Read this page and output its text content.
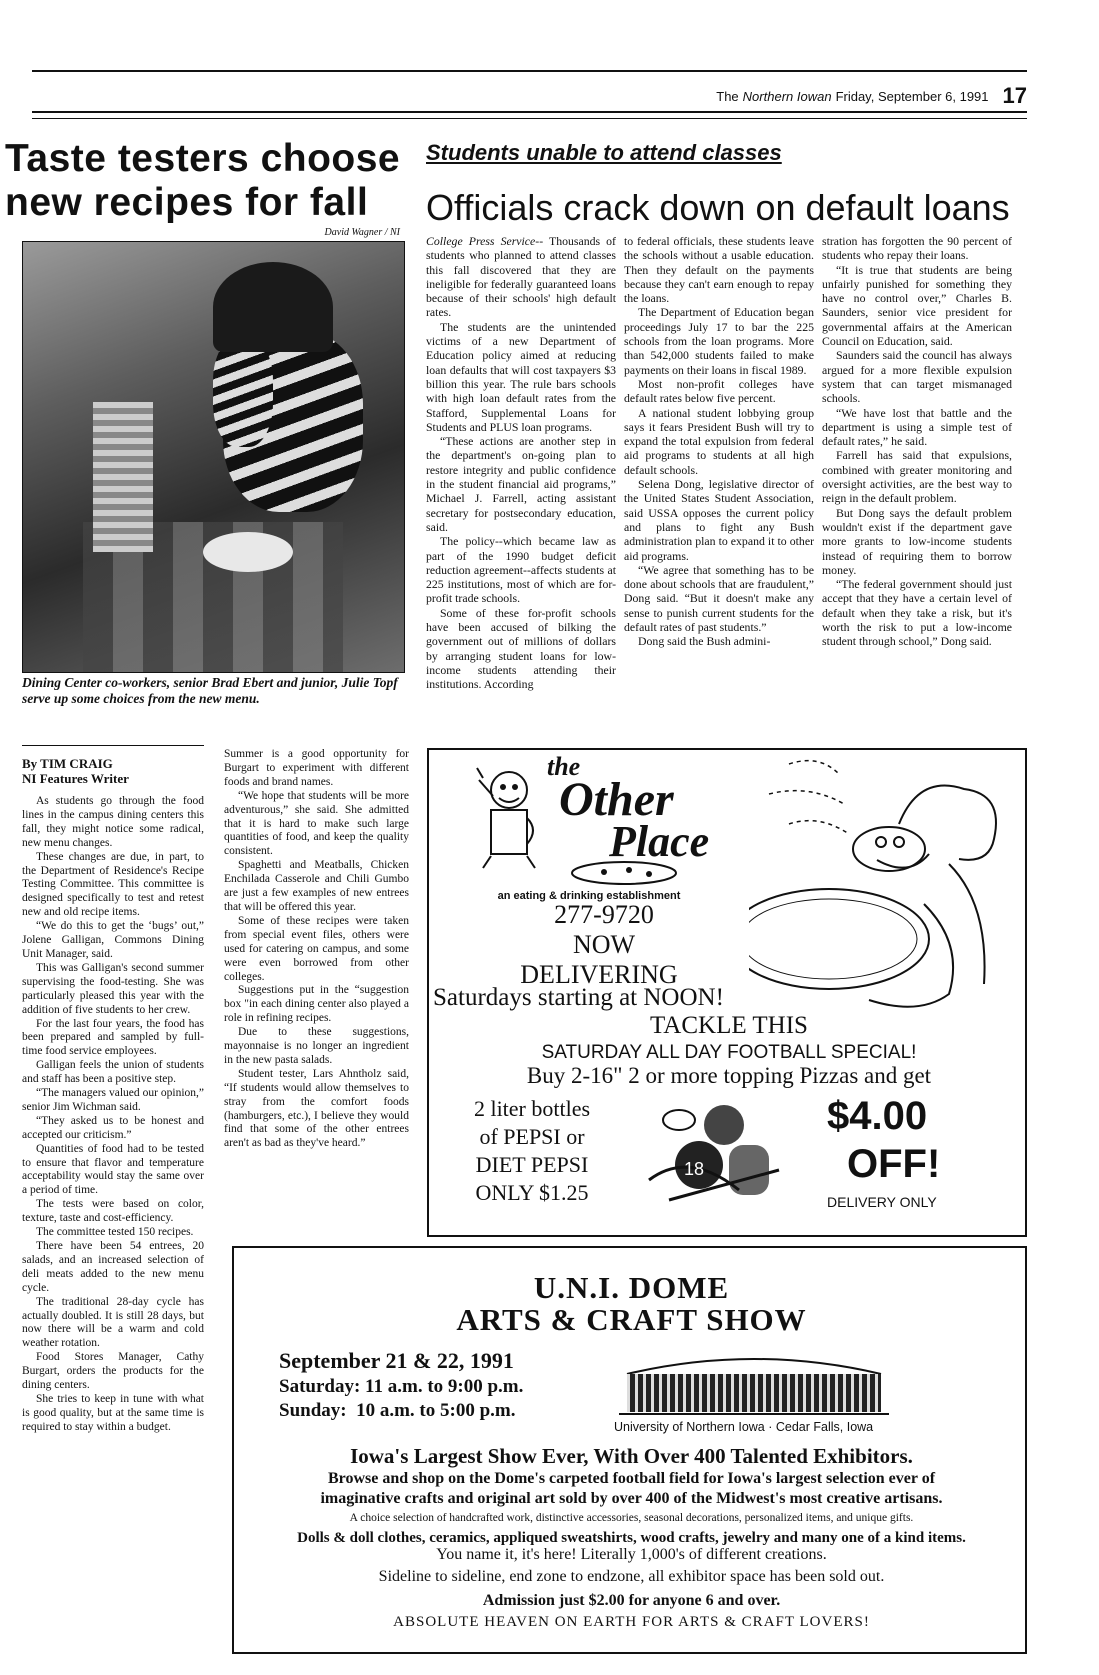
The Northern Iowan Friday, September 6, 1991 17
Taste testers choose new recipes for fall
David Wagner / NI
Dining Center co-workers, senior Brad Ebert and junior, Julie Topf serve up some choices from the new menu.
By TIM CRAIG
NI Features Writer

As students go through the food lines in the campus dining centers this fall, they might notice some radical, new menu changes.

These changes are due, in part, to the Department of Residence's Recipe Testing Committee. This committee is designed specifically to test and retest new and old recipe items.

“We do this to get the ‘bugs’ out,” Jolene Galligan, Commons Dining Unit Manager, said.

This was Galligan's second summer supervising the food-testing. She was particularly pleased this year with the addition of five students to her crew.

For the last four years, the food has been prepared and sampled by full-time food service employees.

Galligan feels the union of students and staff has been a positive step.

“The managers valued our opinion,” senior Jim Wichman said.

“They asked us to be honest and accepted our criticism.”

Quantities of food had to be tested to ensure that flavor and temperature acceptability would stay the same over a period of time.

The tests were based on color, texture, taste and cost-efficiency.

The committee tested 150 recipes.

There have been 54 entrees, 20 salads, and an increased selection of deli meats added to the new menu cycle.

The traditional 28-day cycle has actually doubled. It is still 28 days, but now there will be a warm and cold weather rotation.

Food Stores Manager, Cathy Burgart, orders the products for the dining centers.

She tries to keep in tune with what is good quality, but at the same time is required to stay within a budget.

Summer is a good opportunity for Burgart to experiment with different foods and brand names.

“We hope that students will be more adventurous,” she said. She admitted that it is hard to make such large quantities of food, and keep the quality consistent.

Spaghetti and Meatballs, Chicken Enchilada Casserole and Chili Gumbo are just a few examples of new entrees that will be offered this year.

Some of these recipes were taken from special event files, others were used for catering on campus, and some were even borrowed from other colleges.

Suggestions put in the “suggestion box "in each dining center also played a role in refining recipes.

Due to these suggestions, mayonnaise is no longer an ingredient in the new pasta salads.

Student tester, Lars Ahntholz said, “If students would allow themselves to stray from the comfort foods (hamburgers, etc.), I believe they would find that some of the other entrees aren't as bad as they've heard.”

Students unable to attend classes
Officials crack down on default loans

College Press Service-- Thousands of students who planned to attend classes this fall discovered that they are ineligible for federally guaranteed loans because of their schools' high default rates.

The students are the unintended victims of a new Department of Education policy aimed at reducing loan defaults that will cost taxpayers $3 billion this year. The rule bars schools with high loan default rates from the Stafford, Supplemental Loans for Students and PLUS loan programs.

“These actions are another step in the department's on-going plan to restore integrity and public confidence in the student financial aid programs,” Michael J. Farrell, acting assistant secretary for postsecondary education, said.

The policy--which became law as part of the 1990 budget deficit reduction agreement--affects students at 225 institutions, most of which are for-profit trade schools.

Some of these for-profit schools have been accused of bilking the government out of millions of dollars by arranging student loans for low-income students attending their institutions. According

to federal officials, these students leave the schools without a usable education. Then they default on the payments because they can't earn enough to repay the loans.

The Department of Education began proceedings July 17 to bar the 225 schools from the loan programs. More than 542,000 students failed to make payments on their loans in fiscal 1989.

Most non-profit colleges have default rates below five percent.

A national student lobbying group says it fears President Bush will try to expand the total expulsion from federal aid programs to students at all high default schools.

Selena Dong, legislative director of the United States Student Association, said USSA opposes the current policy and plans to fight any Bush administration plan to expand it to other aid programs.

“We agree that something has to be done about schools that are fraudulent,” Dong said. “But it doesn't make any sense to punish current students for the default rates of past students.”

Dong said the Bush admini-

stration has forgotten the 90 percent of students who repay their loans.

“It is true that students are being unfairly punished for something they have no control over,” Charles B. Saunders, senior vice president for governmental affairs at the American Council on Education, said.

Saunders said the council has always argued for a more flexible expulsion system that can target mismanaged schools.

“We have lost that battle and the department is using a simple test of default rates,” he said.

Farrell has said that expulsions, combined with greater monitoring and oversight activities, are the best way to reign in the default problem.

But Dong says the default problem wouldn't exist if the department gave more grants to low-income students instead of requiring them to borrow money.

“The federal government should just accept that they have a certain level of default when they take a risk, but it's worth the risk to put a low-income student through school,” Dong said.

the
Other
Place
an eating & drinking establishment
277-9720
NOW
DELIVERING
Saturdays starting at NOON!
TACKLE THIS
SATURDAY ALL DAY FOOTBALL SPECIAL!
Buy 2-16" 2 or more topping Pizzas and get
2 liter bottles
of PEPSI or
DIET PEPSI
ONLY $1.25
18
$4.00
OFF!
DELIVERY ONLY
U.N.I. DOME
ARTS & CRAFT SHOW
September 21 & 22, 1991
Saturday: 11 a.m. to 9:00 p.m.
Sunday:  10 a.m. to 5:00 p.m.
University of Northern Iowa · Cedar Falls, Iowa
Iowa's Largest Show Ever, With Over 400 Talented Exhibitors.
Browse and shop on the Dome's carpeted football field for Iowa's largest selection ever of
imaginative crafts and original art sold by over 400 of the Midwest's most creative artisans.
A choice selection of handcrafted work, distinctive accessories, seasonal decorations, personalized items, and unique gifts.
Dolls & doll clothes, ceramics, appliqued sweatshirts, wood crafts, jewelry and many one of a kind items.
You name it, it's here! Literally 1,000's of different creations.
Sideline to sideline, end zone to endzone, all exhibitor space has been sold out.
Admission just $2.00 for anyone 6 and over.
ABSOLUTE HEAVEN ON EARTH FOR ARTS & CRAFT LOVERS!
